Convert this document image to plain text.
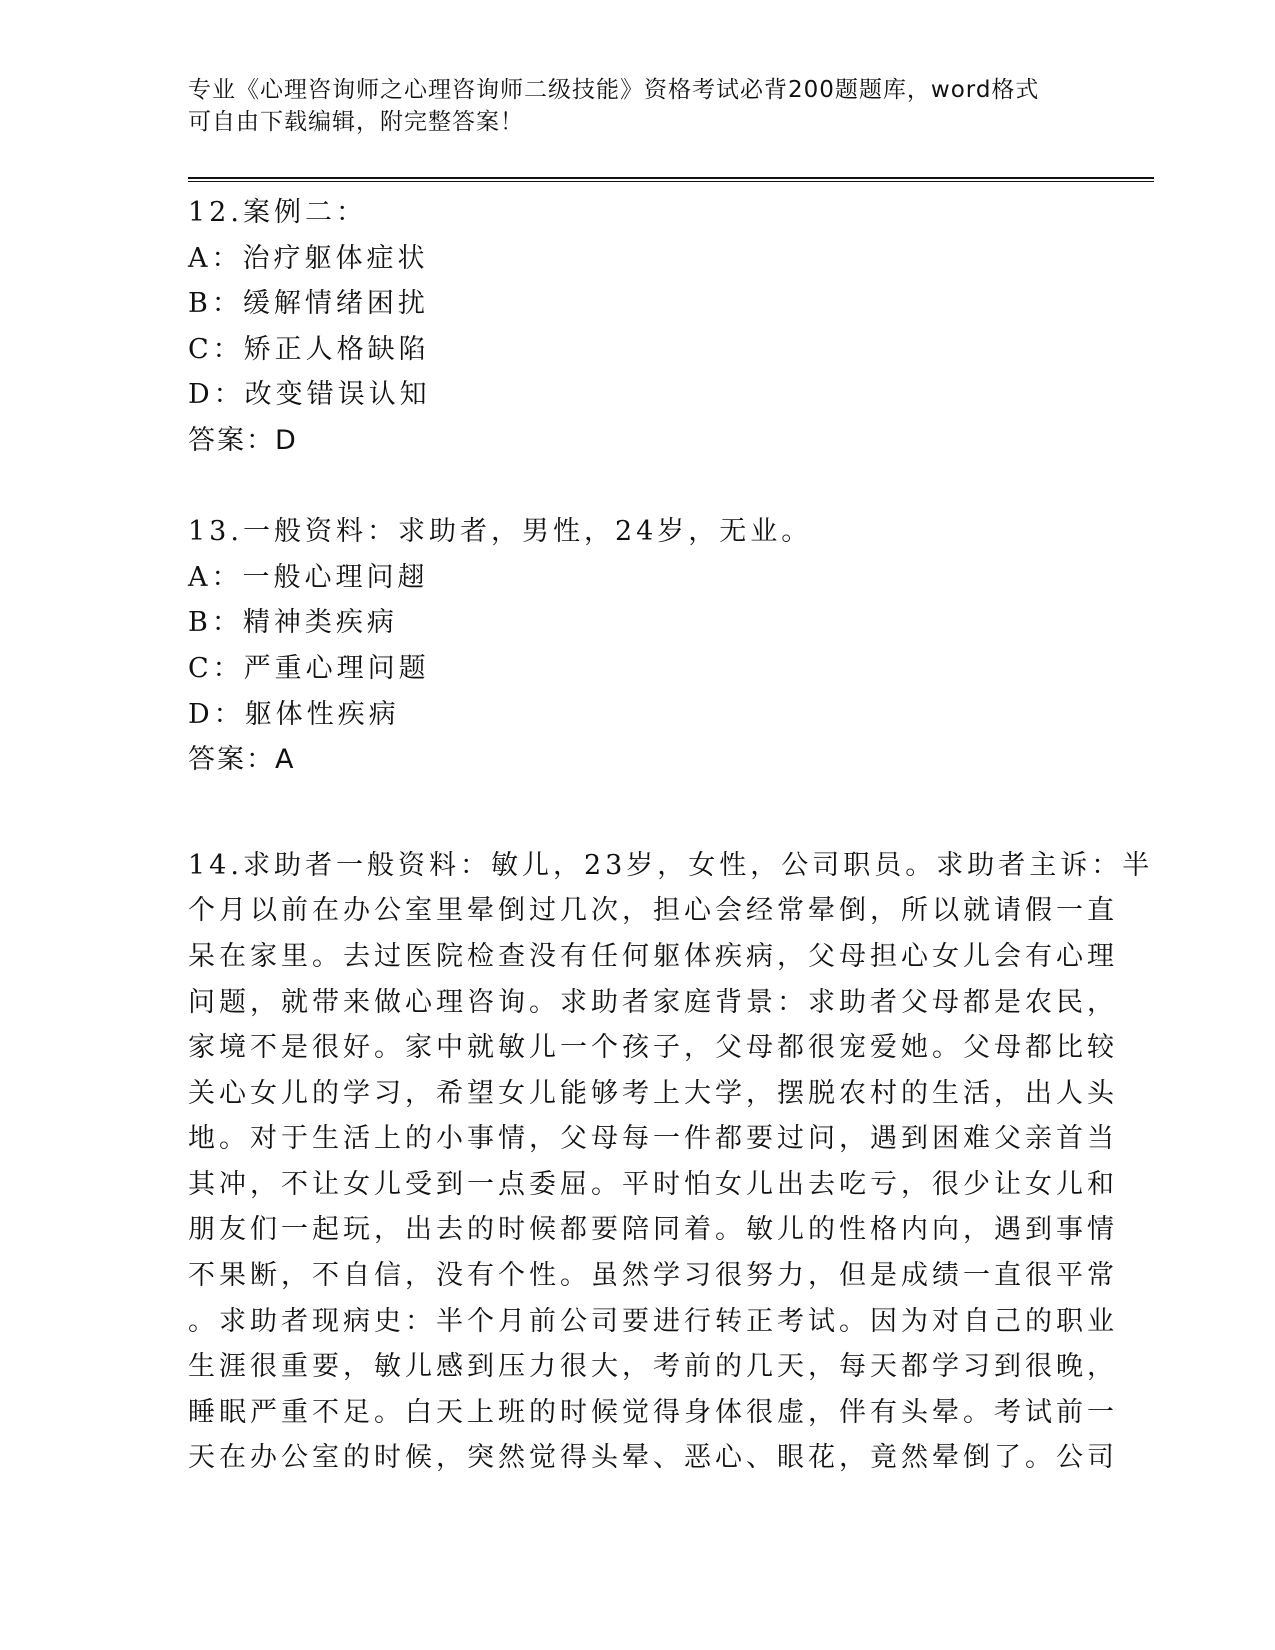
专业《心理咨询师之心理咨询师二级技能》资格考试必背200题题库，word格式
可自由下载编辑，附完整答案！
12.案例二：
A：治疗躯体症状
B：缓解情绪困扰
C：矫正人格缺陷
D：改变错误认知
答案：D
13.一般资料：求助者，男性，24岁，无业。
A：一般心理问趐
B：精神类疾病
C：严重心理问题
D：躯体性疾病
答案：A
14.求助者一般资料：敏儿，23岁，女性，公司职员。求助者主诉：半
个月以前在办公室里晕倒过几次，担心会经常晕倒，所以就请假一直
呆在家里。去过医院检查没有任何躯体疾病，父母担心女儿会有心理
问题，就带来做心理咨询。求助者家庭背景：求助者父母都是农民，
家境不是很好。家中就敏儿一个孩子，父母都很宠爱她。父母都比较
关心女儿的学习，希望女儿能够考上大学，摆脱农村的生活，出人头
地。对于生活上的小事情，父母每一件都要过问，遇到困难父亲首当
其冲，不让女儿受到一点委屈。平时怕女儿出去吃亏，很少让女儿和
朋友们一起玩，出去的时候都要陪同着。敏儿的性格内向，遇到事情
不果断，不自信，没有个性。虽然学习很努力，但是成绩一直很平常
。求助者现病史：半个月前公司要进行转正考试。因为对自己的职业
生涯很重要，敏儿感到压力很大，考前的几天，每天都学习到很晚，
睡眠严重不足。白天上班的时候觉得身体很虚，伴有头晕。考试前一
天在办公室的时候，突然觉得头晕、恶心、眼花，竟然晕倒了。公司
